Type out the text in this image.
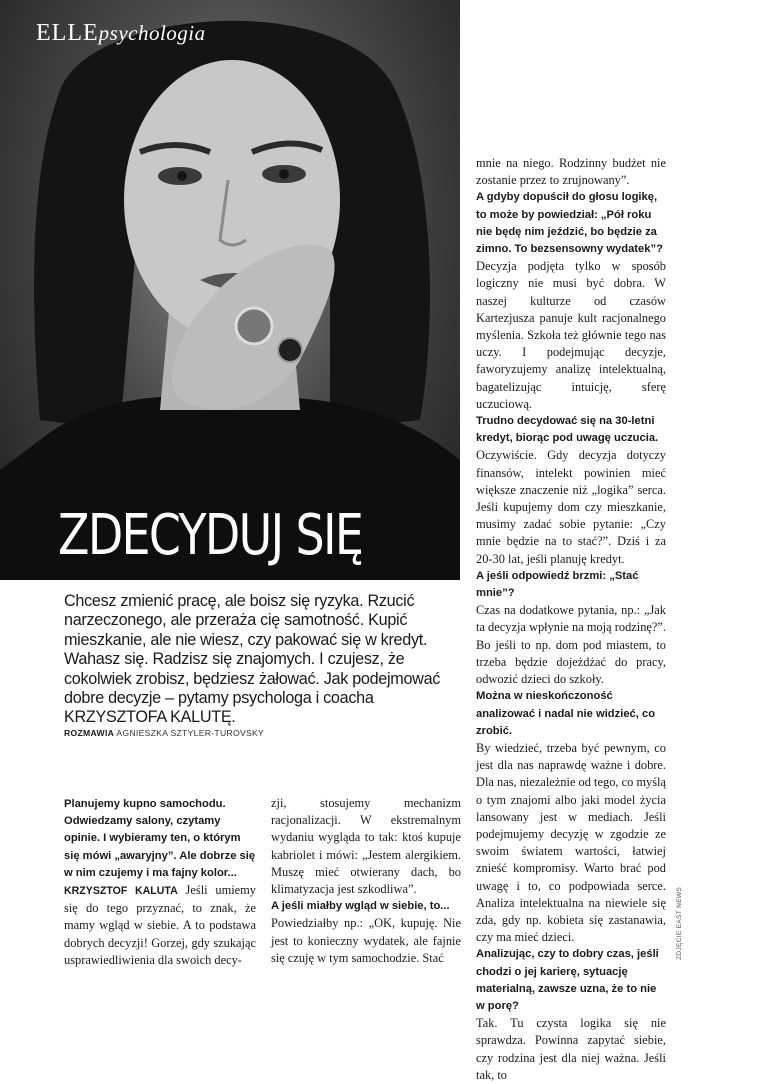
ELLEpsychologia
ZDECYDUJ SIĘ

Chcesz zmienić pracę, ale boisz się ryzyka. Rzucić narzeczonego, ale przeraża cię samotność. Kupić mieszkanie, ale nie wiesz, czy pakować się w kredyt. Wahasz się. Radzisz się znajomych. I czujesz, że cokolwiek zrobisz, będziesz żałować. Jak podejmować dobre decyzje – pytamy psychologa i coacha KRZYSZTOFA KALUTĘ.

ROZMAWIA AGNIESZKA SZTYLER-TUROVSKY

Planujemy kupno samochodu. Odwiedzamy salony, czytamy opinie. I wybieramy ten, o którym się mówi „awaryjny”. Ale dobrze się w nim czujemy i ma fajny kolor...

KRZYSZTOF KALUTA Jeśli umiemy się do tego przyznać, to znak, że mamy wgląd w siebie. A to podstawa dobrych decyzji! Gorzej, gdy szukając usprawiedliwienia dla swoich decy-

zji, stosujemy mechanizm racjonalizacji. W ekstremalnym wydaniu wygląda to tak: ktoś kupuje kabriolet i mówi: „Jestem alergikiem. Muszę mieć otwierany dach, bo klimatyzacja jest szkodliwa”.

A jeśli miałby wgląd w siebie, to...

Powiedziałby np.: „OK, kupuję. Nie jest to konieczny wydatek, ale fajnie się czuję w tym samochodzie. Stać

mnie na niego. Rodzinny budżet nie zostanie przez to zrujnowany”.

A gdyby dopuścił do głosu logikę, to może by powiedział: „Pół roku nie będę nim jeździć, bo będzie za zimno. To bezsensowny wydatek”?

Decyzja podjęta tylko w sposób logiczny nie musi być dobra. W naszej kulturze od czasów Kartezjusza panuje kult racjonalnego myślenia. Szkoła też głównie tego nas uczy. I podejmując decyzje, faworyzujemy analizę intelektualną, bagatelizując intuicję, sferę uczuciową.

Trudno decydować się na 30-letni kredyt, biorąc pod uwagę uczucia.

Oczywiście. Gdy decyzja dotyczy finansów, intelekt powinien mieć większe znaczenie niż „logika” serca. Jeśli kupujemy dom czy mieszkanie, musimy zadać sobie pytanie: „Czy mnie będzie na to stać?”. Dziś i za 20-30 lat, jeśli planuję kredyt.

A jeśli odpowiedź brzmi: „Stać mnie”?

Czas na dodatkowe pytania, np.: „Jak ta decyzja wpłynie na moją rodzinę?”. Bo jeśli to np. dom pod miastem, to trzeba będzie dojeżdżać do pracy, odwozić dzieci do szkoły.

Można w nieskończoność analizować i nadal nie widzieć, co zrobić.

By wiedzieć, trzeba być pewnym, co jest dla nas naprawdę ważne i dobre. Dla nas, niezależnie od tego, co myślą o tym znajomi albo jaki model życia lansowany jest w mediach. Jeśli podejmujemy decyzję w zgodzie ze swoim światem wartości, łatwiej znieść kompromisy. Warto brać pod uwagę i to, co podpowiada serce. Analiza intelektualna na niewiele się zda, gdy np. kobieta się zastanawia, czy ma mieć dzieci.

Analizując, czy to dobry czas, jeśli chodzi o jej karierę, sytuację materialną, zawsze uzna, że to nie w porę?

Tak. Tu czysta logika się nie sprawdza. Powinna zapytać siebie, czy rodzina jest dla niej ważna. Jeśli tak, to

ZDJĘCIE EAST NEWS
